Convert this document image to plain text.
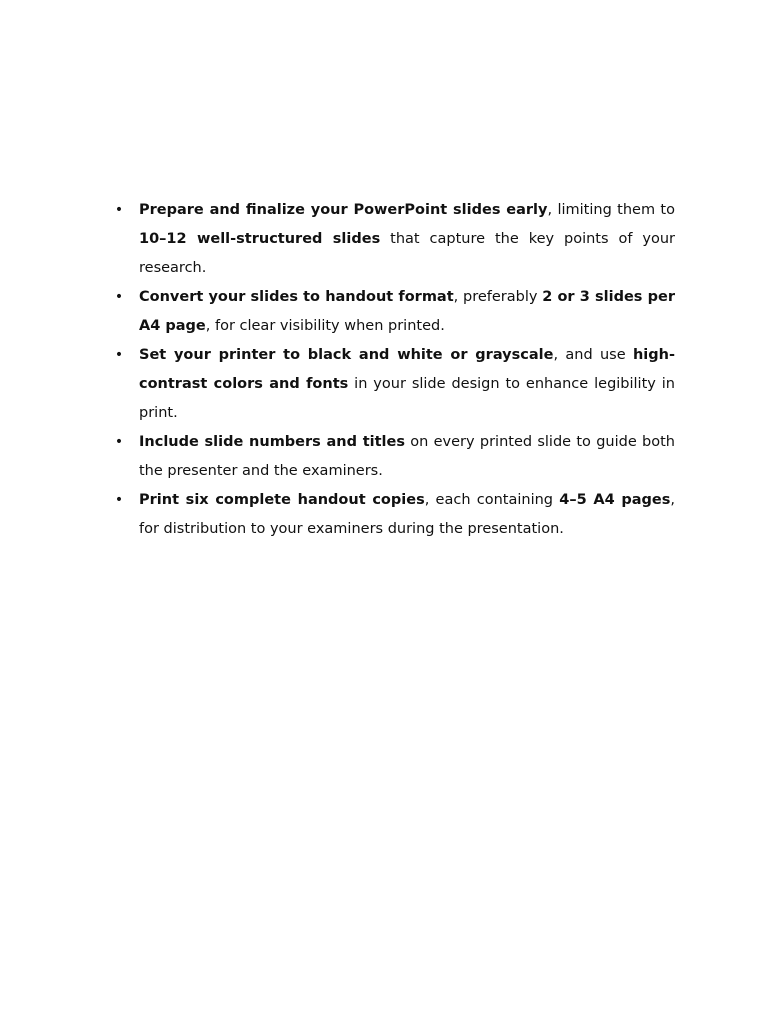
• Prepare and finalize your PowerPoint slides early, limiting them to 10–12 well-structured slides that capture the key points of your research.
• Convert your slides to handout format, preferably 2 or 3 slides per A4 page, for clear visibility when printed.
• Set your printer to black and white or grayscale, and use high-contrast colors and fonts in your slide design to enhance legibility in print.
• Include slide numbers and titles on every printed slide to guide both the presenter and the examiners.
• Print six complete handout copies, each containing 4–5 A4 pages, for distribution to your examiners during the presentation.
